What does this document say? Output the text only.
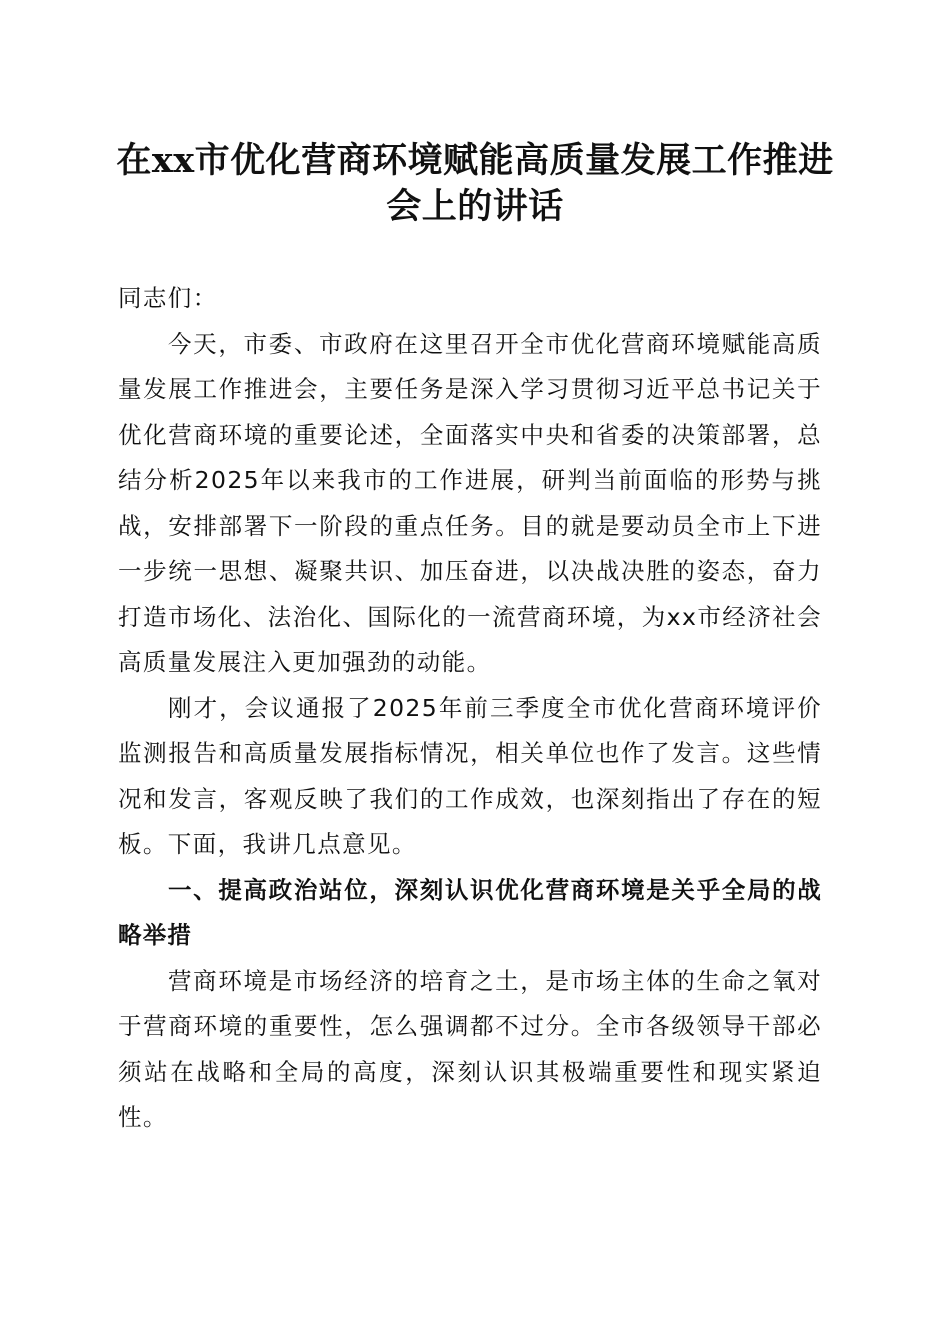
在xx市优化营商环境赋能高质量发展工作推进会上的讲话

同志们：

今天，市委、市政府在这里召开全市优化营商环境赋能高质量发展工作推进会，主要任务是深入学习贯彻习近平总书记关于优化营商环境的重要论述，全面落实中央和省委的决策部署，总结分析2025年以来我市的工作进展，研判当前面临的形势与挑战，安排部署下一阶段的重点任务。目的就是要动员全市上下进一步统一思想、凝聚共识、加压奋进，以决战决胜的姿态，奋力打造市场化、法治化、国际化的一流营商环境，为xx市经济社会高质量发展注入更加强劲的动能。

刚才，会议通报了2025年前三季度全市优化营商环境评价监测报告和高质量发展指标情况，相关单位也作了发言。这些情况和发言，客观反映了我们的工作成效，也深刻指出了存在的短板。下面，我讲几点意见。

一、提高政治站位，深刻认识优化营商环境是关乎全局的战略举措

营商环境是市场经济的培育之土，是市场主体的生命之氧对于营商环境的重要性，怎么强调都不过分。全市各级领导干部必须站在战略和全局的高度，深刻认识其极端重要性和现实紧迫性。
